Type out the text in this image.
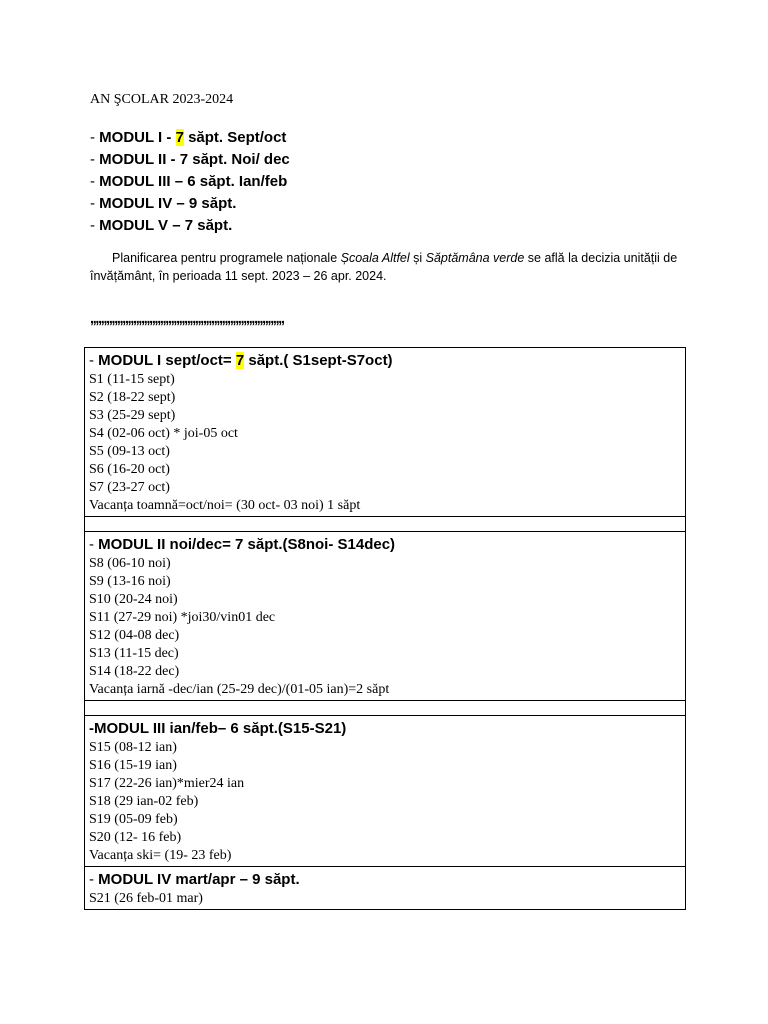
AN ŞCOLAR 2023-2024
- MODUL I - 7 săpt. Sept/oct
- MODUL II - 7 săpt. Noi/ dec
- MODUL III – 6 săpt. Ian/feb
- MODUL IV – 9 săpt.
- MODUL V – 7 săpt.

Planificarea pentru programele naționale Școala Altfel și Săptămâna verde se află la decizia unității de învățământ, în perioada 11 sept. 2023 – 26 apr. 2024.

,,,,,,,,,,,,,,,,,,,,,,,,,,,,,,,,,,,,,,,,,,,,,,,,,,,,,,,,,,,,,,,,,,,,,,,,
- MODUL I sept/oct= 7 săpt.( S1sept-S7oct)
S1 (11-15 sept)
S2 (18-22 sept)
S3 (25-29 sept)
S4 (02-06 oct) * joi-05 oct
S5 (09-13 oct)
S6 (16-20 oct)
S7 (23-27 oct)
Vacanța toamnă=oct/noi= (30 oct- 03 noi) 1 săpt

- MODUL II noi/dec= 7 săpt.(S8noi- S14dec)
S8 (06-10 noi)
S9 (13-16 noi)
S10 (20-24 noi)
S11 (27-29 noi) *joi30/vin01 dec
S12 (04-08 dec)
S13 (11-15 dec)
S14 (18-22 dec)
Vacanța iarnă -dec/ian (25-29 dec)/(01-05 ian)=2 săpt

-MODUL III ian/feb– 6 săpt.(S15-S21)
S15 (08-12 ian)
S16 (15-19 ian)
S17 (22-26 ian)*mier24 ian
S18 (29 ian-02 feb)
S19 (05-09 feb)
S20 (12- 16 feb)
Vacanța ski= (19- 23 feb)

- MODUL IV mart/apr – 9 săpt.
S21 (26 feb-01 mar)
